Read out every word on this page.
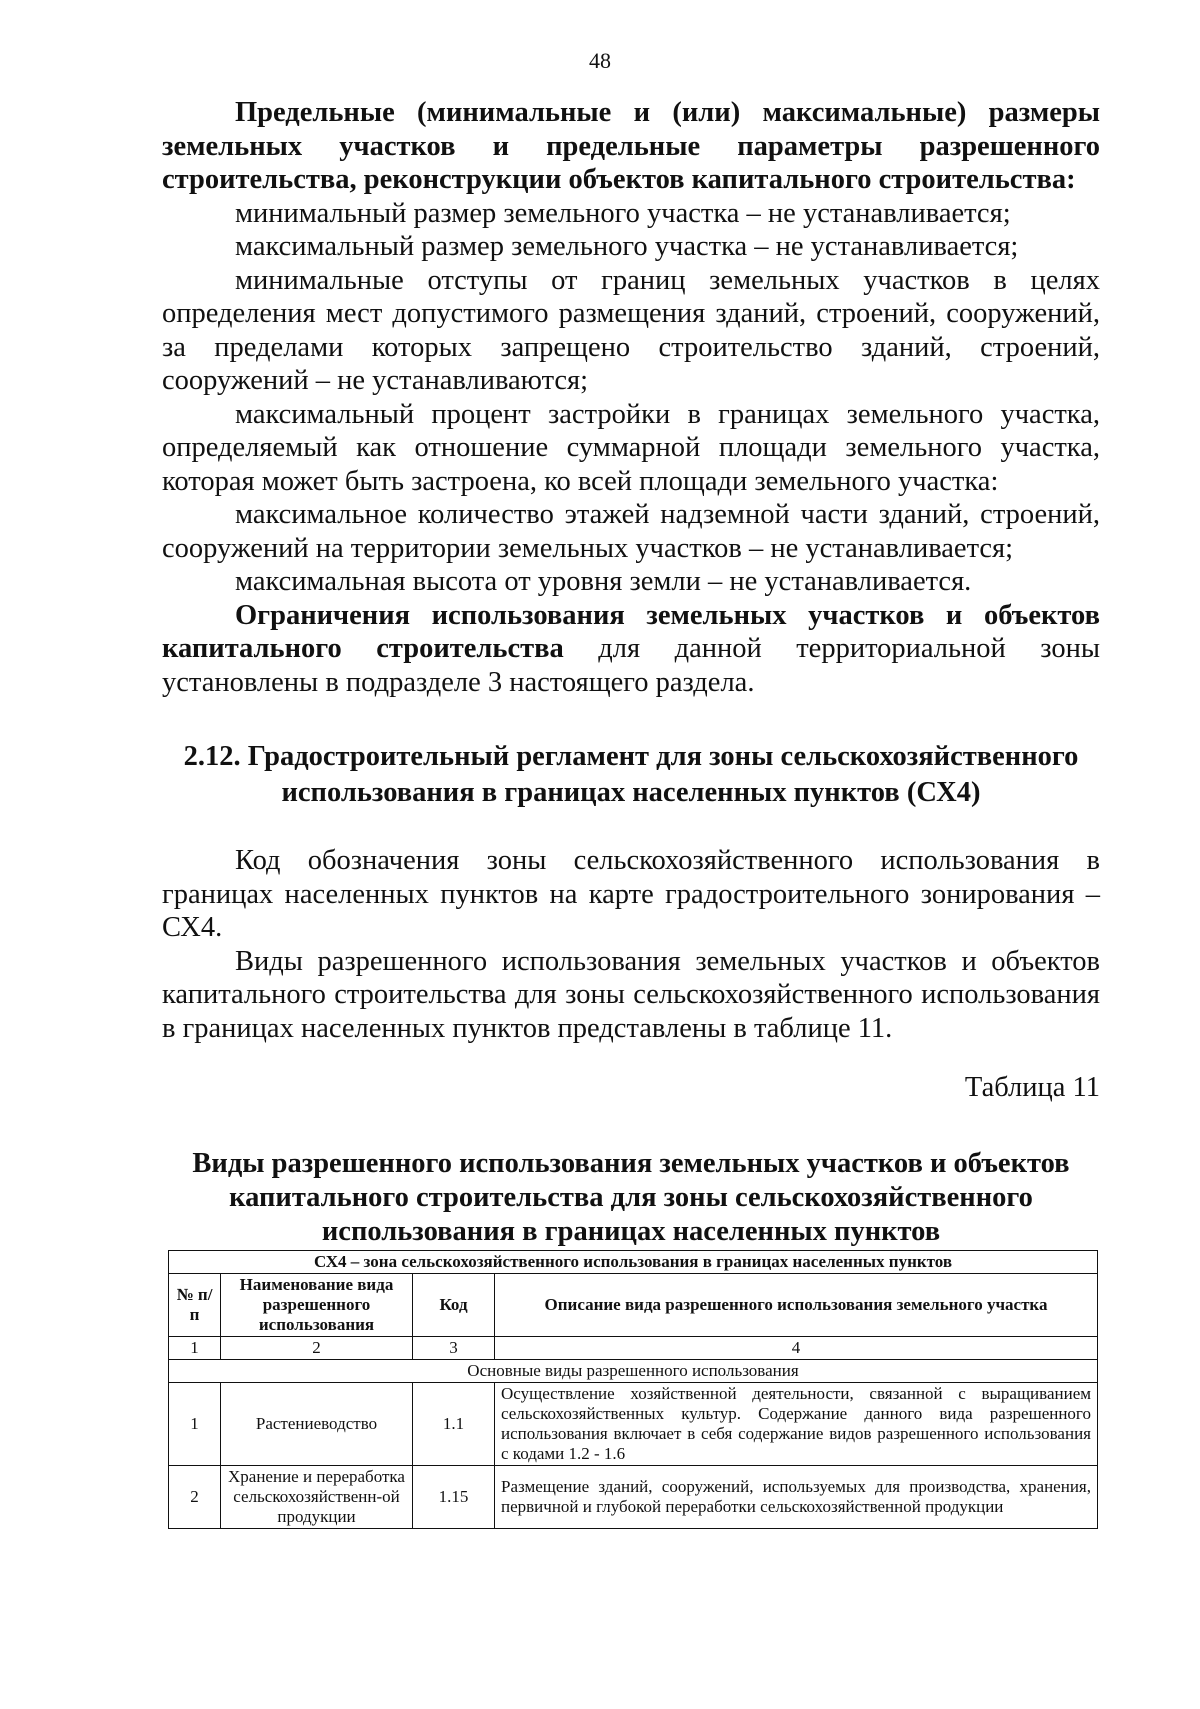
48

Предельные (минимальные и (или) максимальные) размеры земельных участков и предельные параметры разрешенного строительства, реконструкции объектов капитального строительства:

минимальный размер земельного участка – не устанавливается;

максимальный размер земельного участка – не устанавливается;

минимальные отступы от границ земельных участков в целях определения мест допустимого размещения зданий, строений, сооружений, за пределами которых запрещено строительство зданий, строений, сооружений – не устанавливаются;

максимальный процент застройки в границах земельного участка, определяемый как отношение суммарной площади земельного участка, которая может быть застроена, ко всей площади земельного участка:

максимальное количество этажей надземной части зданий, строений, сооружений на территории земельных участков – не устанавливается;

максимальная высота от уровня земли – не устанавливается.

Ограничения использования земельных участков и объектов капитального строительства для данной территориальной зоны установлены в подразделе 3 настоящего раздела.

2.12. Градостроительный регламент для зоны сельскохозяйственного использования в границах населенных пунктов (СХ4)

Код обозначения зоны сельскохозяйственного использования в границах населенных пунктов на карте градостроительного зонирования – СХ4.

Виды разрешенного использования земельных участков и объектов капитального строительства для зоны сельскохозяйственного использования в границах населенных пунктов представлены в таблице 11.

Таблица 11

Виды разрешенного использования земельных участков и объектов капитального строительства для зоны сельскохозяйственного использования в границах населенных пунктов

СХ4 – зона сельскохозяйственного использования в границах населенных пунктов			
№ п/п	Наименование вида разрешенного использования	Код	Описание вида разрешенного использования земельного участка
1	2	3	4
Основные виды разрешенного использования			
1	Растениеводство	1.1	Осуществление хозяйственной деятельности, связанной с выращиванием сельскохозяйственных культур. Содержание данного вида разрешенного использования включает в себя содержание видов разрешенного использования с кодами 1.2 - 1.6
2	Хранение и переработка сельскохозяйственн-ой продукции	1.15	Размещение зданий, сооружений, используемых для производства, хранения, первичной и глубокой переработки сельскохозяйственной продукции
